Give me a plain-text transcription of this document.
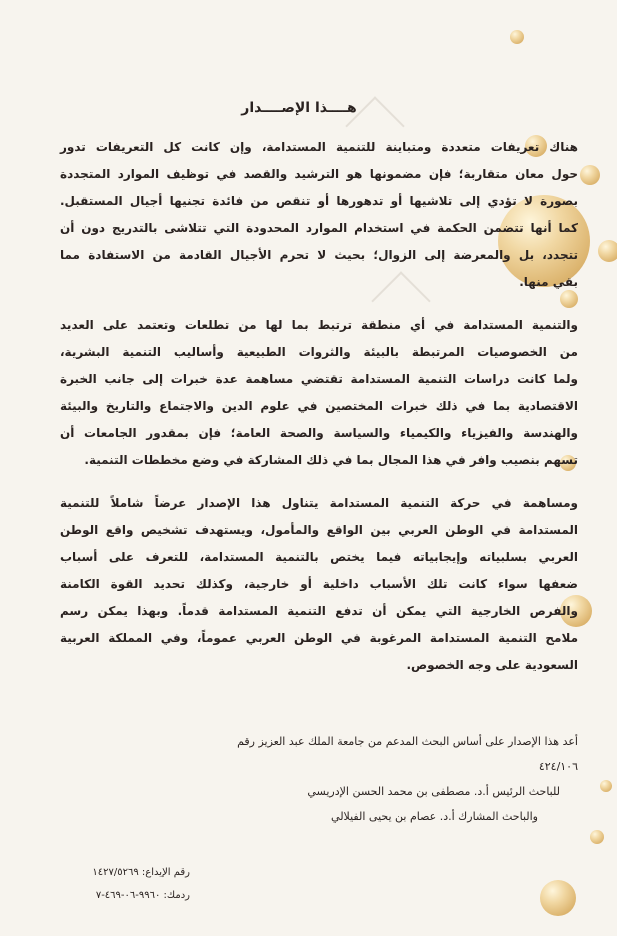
هــــذا الإصــــدار
هناك تعريفات متعددة ومتباينة للتنمية المستدامة، وإن كانت كل التعريفات تدور
حول معان متقاربة؛ فإن مضمونها هو الترشيد والقصد في توظيف الموارد المتجددة
بصورة لا تؤدي إلى تلاشيها أو تدهورها أو تنقص من فائدة تجنيها أجيال المستقبل.
كما أنها تتضمن الحكمة في استخدام الموارد المحدودة التي تتلاشى بالتدريج دون أن
تتجدد، بل والمعرضة إلى الزوال؛ بحيث لا تحرم الأجيال القادمة من الاستفادة مما
بقي منها.
والتنمية المستدامة في أي منطقة ترتبط بما لها من تطلعات وتعتمد على العديد
من الخصوصيات المرتبطة بالبيئة والثروات الطبيعية وأساليب التنمية البشرية،
ولما كانت دراسات التنمية المستدامة تقتضي مساهمة عدة خبرات إلى جانب الخبرة
الاقتصادية بما في ذلك خبرات المختصين في علوم الدين والاجتماع والتاريخ والبيئة
والهندسة والفيزياء والكيمياء والسياسة والصحة العامة؛ فإن بمقدور الجامعات أن
تسهم بنصيب وافر في هذا المجال بما في ذلك المشاركة في وضع مخططات التنمية.
ومساهمة في حركة التنمية المستدامة يتناول هذا الإصدار عرضاً شاملاً للتنمية
المستدامة في الوطن العربي بين الواقع والمأمول، ويستهدف تشخيص واقع الوطن
العربي بسلبياته وإيجابياته فيما يختص بالتنمية المستدامة، للتعرف على أسباب
ضعفها سواء كانت تلك الأسباب داخلية أو خارجية، وكذلك تحديد القوة الكامنة
والفرص الخارجية التي يمكن أن تدفع التنمية المستدامة قدماً. وبهذا يمكن رسم
ملامح التنمية المستدامة المرغوبة في الوطن العربي عموماً، وفي المملكة العربية
السعودية على وجه الخصوص.
أعد هذا الإصدار على أساس البحث المدعم من جامعة الملك عبد العزيز رقم ٤٢٤/١٠٦
للباحث الرئيس أ.د. مصطفى بن محمد الحسن الإدريسي
والباحث المشارك أ.د. عصام بن يحيى الفيلالي
رقم الإيداع: ١٤٢٧/٥٢٦٩
ردمك: ٩٩٦٠-٠٦-٤٦٩-٧
